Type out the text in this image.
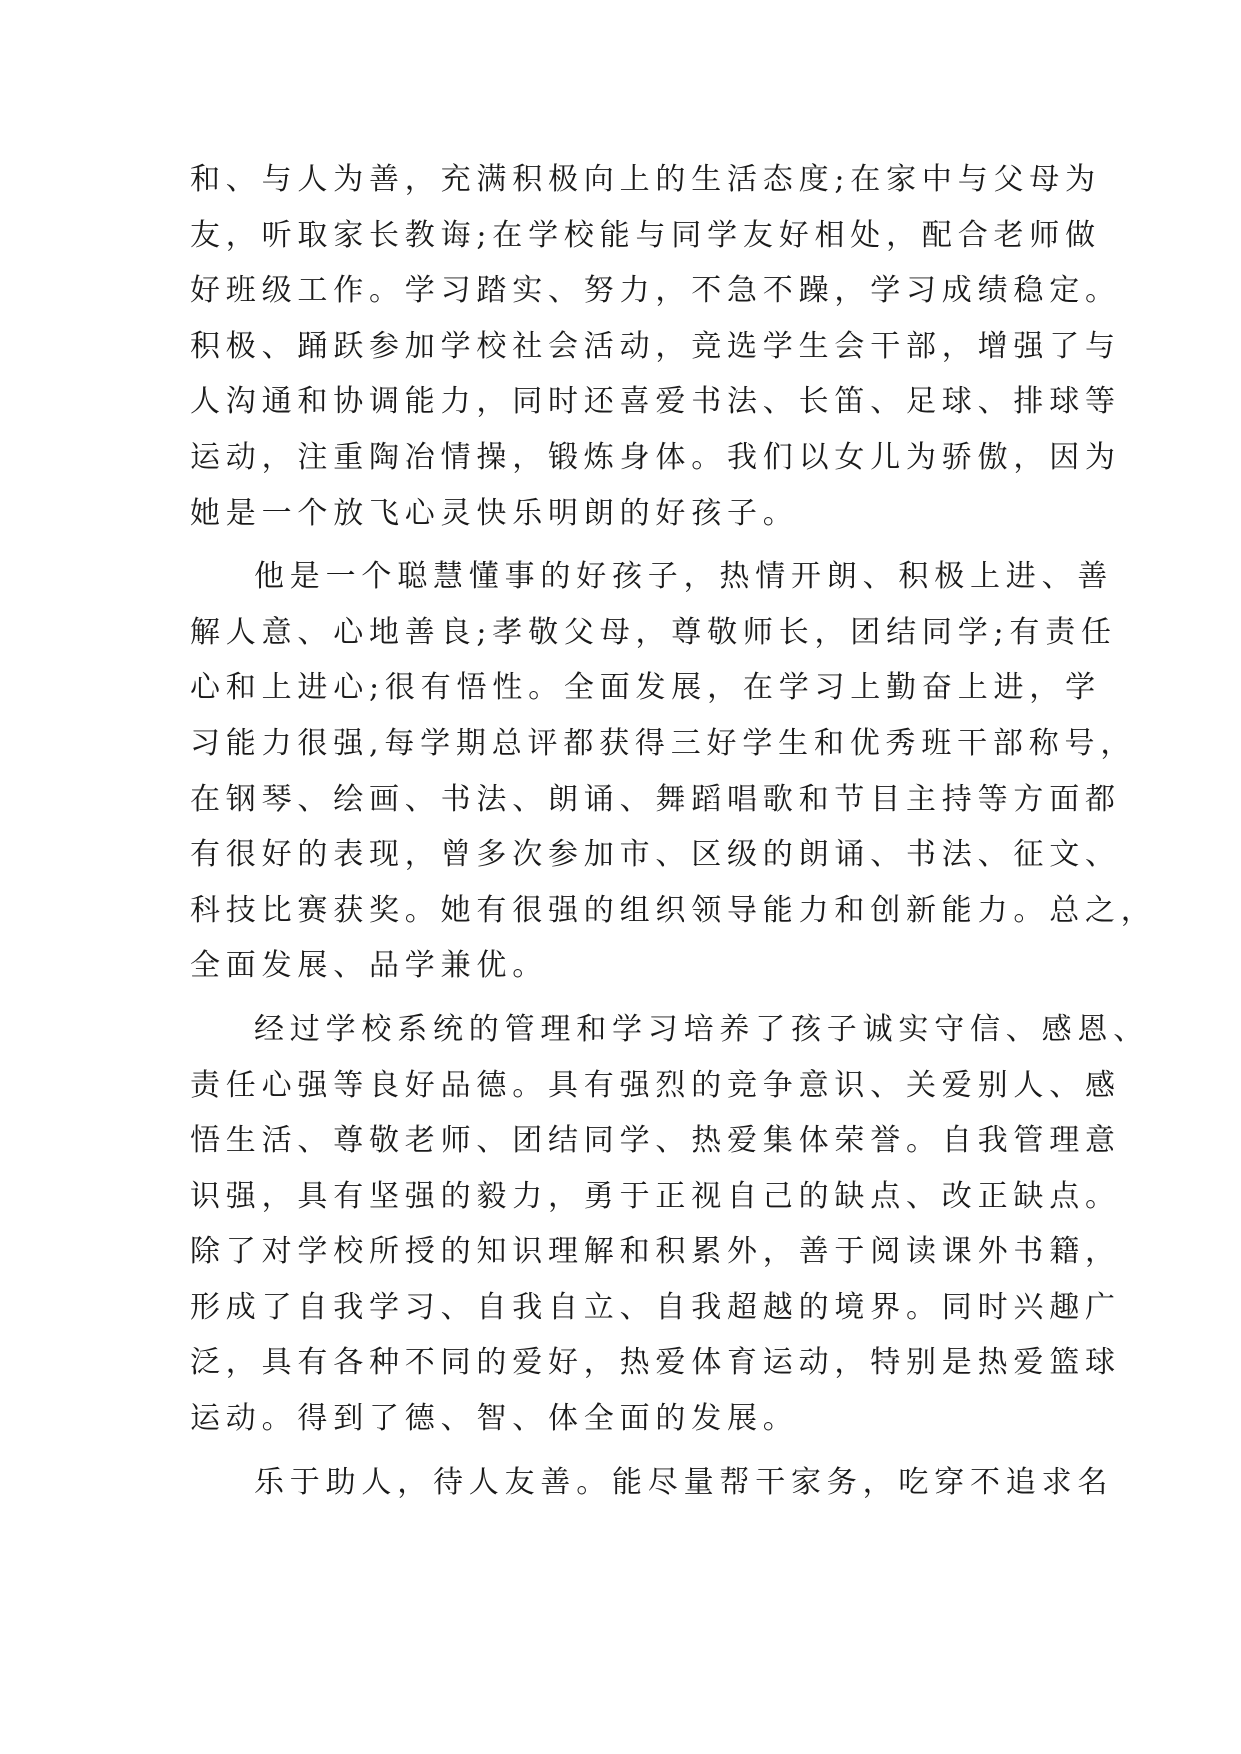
和、与人为善，充满积极向上的生活态度;在家中与父母为
友，听取家长教诲;在学校能与同学友好相处，配合老师做
好班级工作。学习踏实、努力，不急不躁，学习成绩稳定。
积极、踊跃参加学校社会活动，竞选学生会干部，增强了与
人沟通和协调能力，同时还喜爱书法、长笛、足球、排球等
运动，注重陶冶情操，锻炼身体。我们以女儿为骄傲，因为
她是一个放飞心灵快乐明朗的好孩子。
他是一个聪慧懂事的好孩子，热情开朗、积极上进、善
解人意、心地善良;孝敬父母，尊敬师长，团结同学;有责任
心和上进心;很有悟性。全面发展，在学习上勤奋上进，学
习能力很强,每学期总评都获得三好学生和优秀班干部称号，
在钢琴、绘画、书法、朗诵、舞蹈唱歌和节目主持等方面都
有很好的表现，曾多次参加市、区级的朗诵、书法、征文、
科技比赛获奖。她有很强的组织领导能力和创新能力。总之，
全面发展、品学兼优。
经过学校系统的管理和学习培养了孩子诚实守信、感恩、
责任心强等良好品德。具有强烈的竞争意识、关爱别人、感
悟生活、尊敬老师、团结同学、热爱集体荣誉。自我管理意
识强，具有坚强的毅力，勇于正视自己的缺点、改正缺点。
除了对学校所授的知识理解和积累外，善于阅读课外书籍，
形成了自我学习、自我自立、自我超越的境界。同时兴趣广
泛，具有各种不同的爱好，热爱体育运动，特别是热爱篮球
运动。得到了德、智、体全面的发展。
乐于助人，待人友善。能尽量帮干家务，吃穿不追求名
